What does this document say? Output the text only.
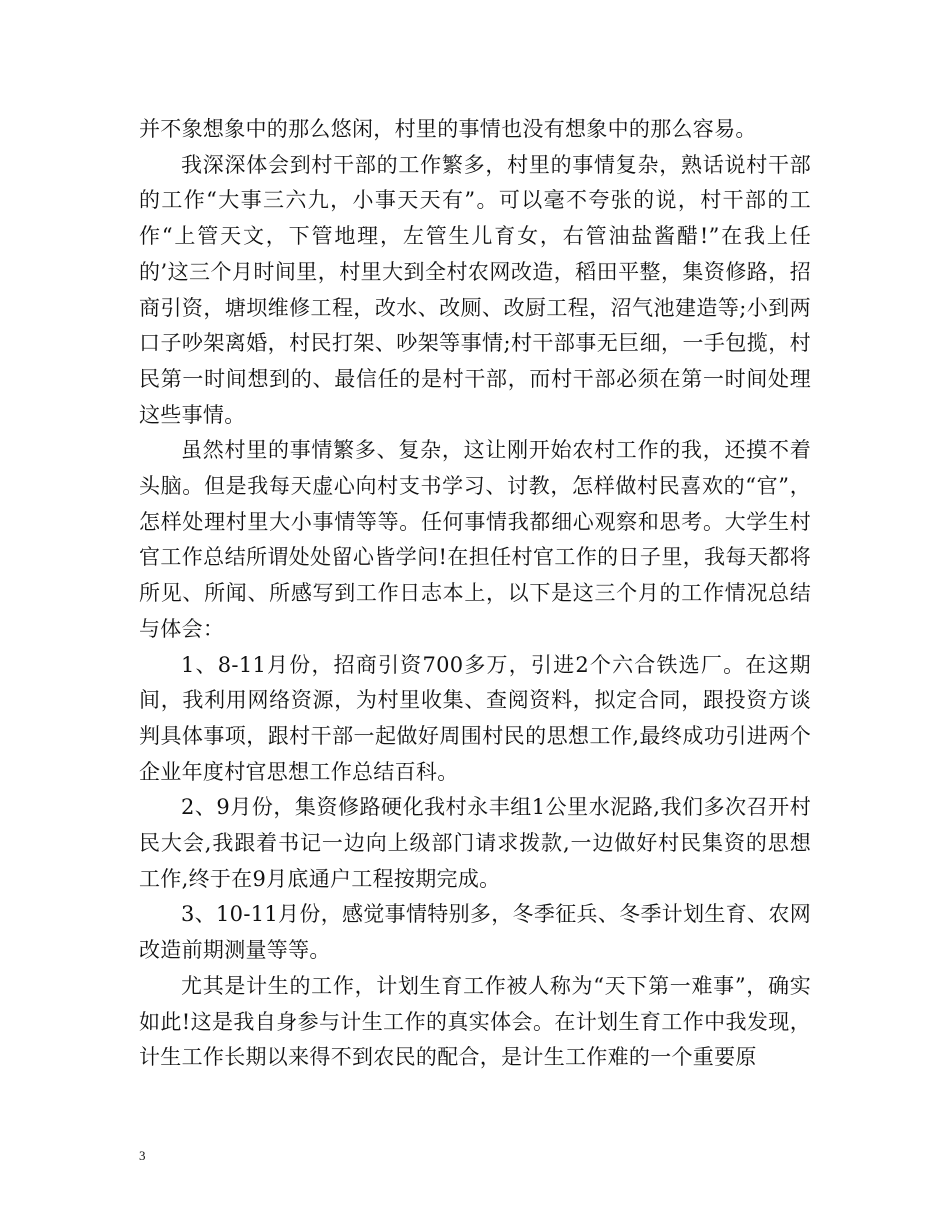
并不象想象中的那么悠闲，村里的事情也没有想象中的那么容易。

我深深体会到村干部的工作繁多，村里的事情复杂，熟话说村干部的工作“大事三六九，小事天天有”。可以毫不夸张的说，村干部的工作“上管天文，下管地理，左管生儿育女，右管油盐酱醋!”在我上任的’这三个月时间里，村里大到全村农网改造，稻田平整，集资修路，招商引资，塘坝维修工程，改水、改厕、改厨工程，沼气池建造等;小到两口子吵架离婚，村民打架、吵架等事情;村干部事无巨细，一手包揽，村民第一时间想到的、最信任的是村干部，而村干部必须在第一时间处理这些事情。

虽然村里的事情繁多、复杂，这让刚开始农村工作的我，还摸不着头脑。但是我每天虚心向村支书学习、讨教，怎样做村民喜欢的“官”，怎样处理村里大小事情等等。任何事情我都细心观察和思考。大学生村官工作总结所谓处处留心皆学问!在担任村官工作的日子里，我每天都将所见、所闻、所感写到工作日志本上，以下是这三个月的工作情况总结与体会：

1、8-11月份，招商引资700多万，引进2个六合铁选厂。在这期间，我利用网络资源，为村里收集、查阅资料，拟定合同，跟投资方谈判具体事项，跟村干部一起做好周围村民的思想工作,最终成功引进两个企业年度村官思想工作总结百科。

2、9月份，集资修路硬化我村永丰组1公里水泥路,我们多次召开村民大会,我跟着书记一边向上级部门请求拨款,一边做好村民集资的思想工作,终于在9月底通户工程按期完成。

3、10-11月份，感觉事情特别多，冬季征兵、冬季计划生育、农网改造前期测量等等。

尤其是计生的工作，计划生育工作被人称为“天下第一难事”，确实如此!这是我自身参与计生工作的真实体会。在计划生育工作中我发现，计生工作长期以来得不到农民的配合，是计生工作难的一个重要原

3
